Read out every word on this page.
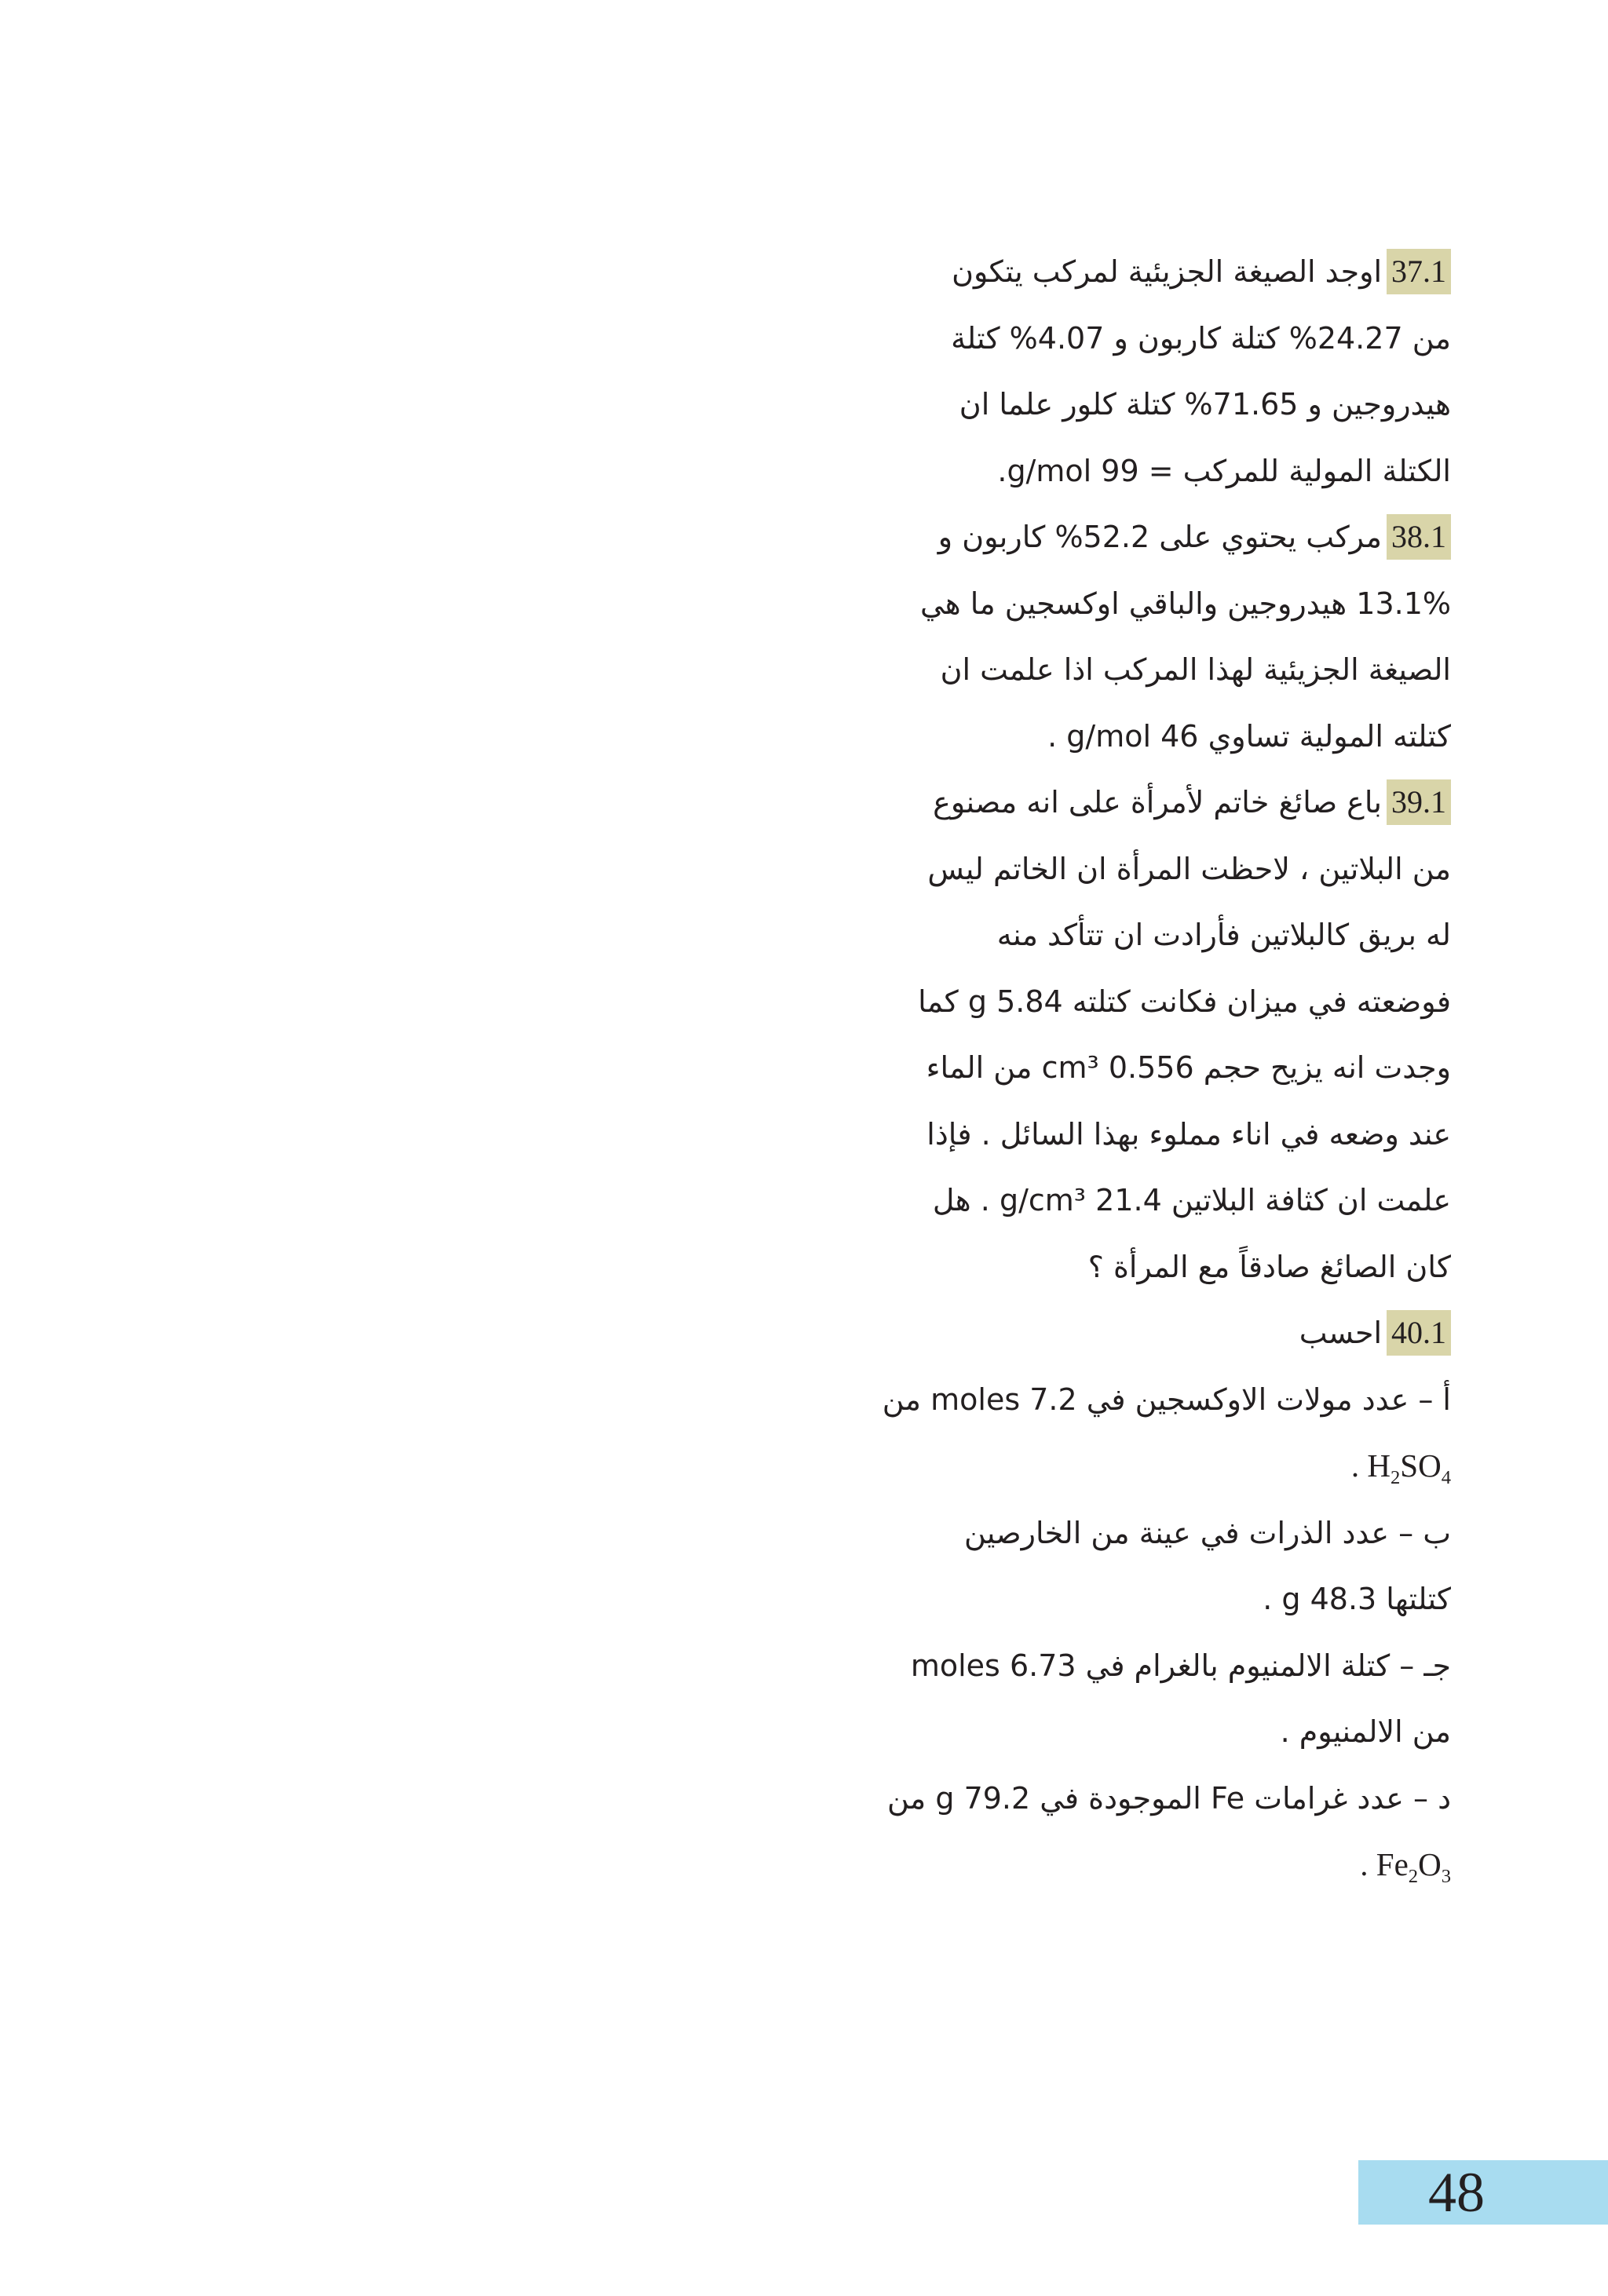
37.1اوجد الصيغة الجزيئية لمركب يتكون

من 24.27% كتلة كاربون و 4.07% كتلة

هيدروجين و 71.65% كتلة كلور علما ان

الكتلة المولية للمركب = 99 g/mol.

38.1مركب يحتوي على 52.2% كاربون و

13.1% هيدروجين والباقي اوكسجين ما هي

الصيغة الجزيئية لهذا المركب اذا علمت ان

كتلته المولية تساوي 46 g/mol .

39.1باع صائغ خاتم لأمرأة على انه مصنوع

من البلاتين ، لاحظت المرأة ان الخاتم ليس

له بريق كالبلاتين فأرادت ان تتأكد منه

فوضعته في ميزان فكانت كتلته 5.84 g كما

وجدت انه يزيح حجم 0.556 cm³ من الماء

عند وضعه في اناء مملوء بهذا السائل . فإذا

علمت ان كثافة البلاتين 21.4 g/cm³ . هل

كان الصائغ صادقاً مع المرأة ؟

40.1احسب

أ – عدد مولات الاوكسجين في 7.2 moles من

. $H_2SO_4$

ب – عدد الذرات في عينة من الخارصين

كتلتها 48.3 g .

جـ – كتلة الالمنيوم بالغرام في 6.73 moles

من الالمنيوم .

د – عدد غرامات Fe الموجودة في 79.2 g من

. $Fe_2O_3$

48
